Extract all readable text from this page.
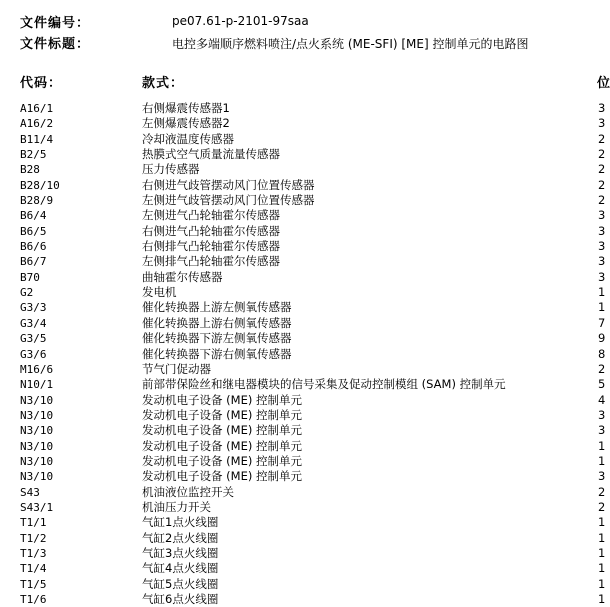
文件编号：	pe07.61-p-2101-97saa
文件标题：	电控多端顺序燃料喷注/点火系统 (ME-SFI) [ME] 控制单元的电路图
代码：	款式：	位
A16/1	右侧爆震传感器1	3
A16/2	左侧爆震传感器2	3
B11/4	冷却液温度传感器	2
B2/5	热膜式空气质量流量传感器	2
B28	压力传感器	2
B28/10	右侧进气歧管摆动风门位置传感器	2
B28/9	左侧进气歧管摆动风门位置传感器	2
B6/4	左侧进气凸轮轴霍尔传感器	3
B6/5	右侧进气凸轮轴霍尔传感器	3
B6/6	右侧排气凸轮轴霍尔传感器	3
B6/7	左侧排气凸轮轴霍尔传感器	3
B70	曲轴霍尔传感器	3
G2	发电机	1
G3/3	催化转换器上游左侧氧传感器	1
G3/4	催化转换器上游右侧氧传感器	7
G3/5	催化转换器下游左侧氧传感器	9
G3/6	催化转换器下游右侧氧传感器	8
M16/6	节气门促动器	2
N10/1	前部带保险丝和继电器模块的信号采集及促动控制模组 (SAM) 控制单元	5
N3/10	发动机电子设备 (ME) 控制单元	4
N3/10	发动机电子设备 (ME) 控制单元	3
N3/10	发动机电子设备 (ME) 控制单元	3
N3/10	发动机电子设备 (ME) 控制单元	1
N3/10	发动机电子设备 (ME) 控制单元	1
N3/10	发动机电子设备 (ME) 控制单元	3
S43	机油液位监控开关	2
S43/1	机油压力开关	2
T1/1	气缸1点火线圈	1
T1/2	气缸2点火线圈	1
T1/3	气缸3点火线圈	1
T1/4	气缸4点火线圈	1
T1/5	气缸5点火线圈	1
T1/6	气缸6点火线圈	1
